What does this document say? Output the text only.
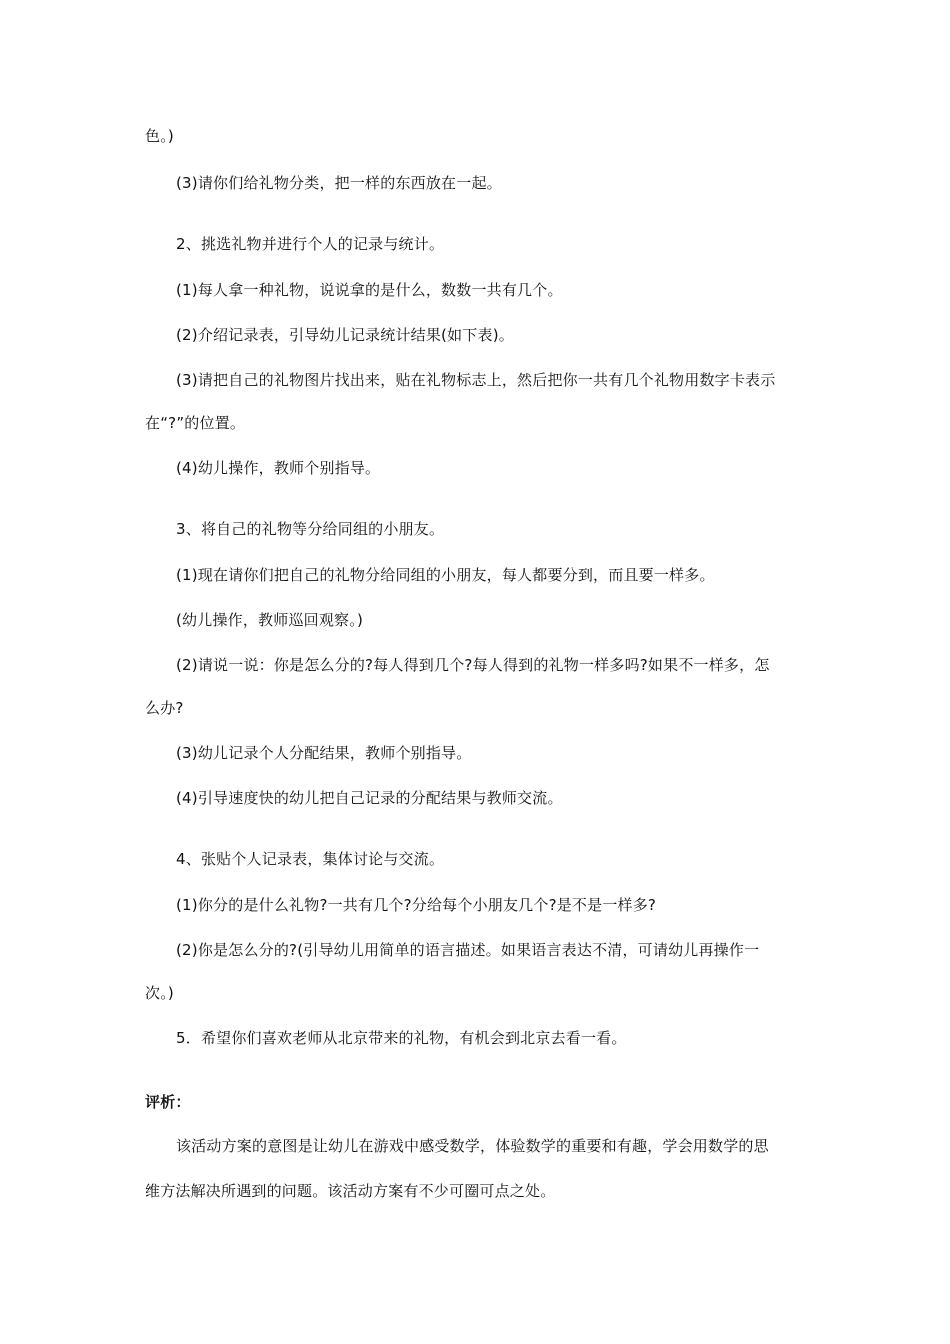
色。)
(3)请你们给礼物分类，把一样的东西放在一起。
2、挑选礼物并进行个人的记录与统计。
(1)每人拿一种礼物，说说拿的是什么，数数一共有几个。
(2)介绍记录表，引导幼儿记录统计结果(如下表)。
(3)请把自己的礼物图片找出来，贴在礼物标志上，然后把你一共有几个礼物用数字卡表示
在“?”的位置。
(4)幼儿操作，教师个别指导。
3、将自己的礼物等分给同组的小朋友。
(1)现在请你们把自己的礼物分给同组的小朋友，每人都要分到，而且要一样多。
(幼儿操作，教师巡回观察。)
(2)请说一说：你是怎么分的?每人得到几个?每人得到的礼物一样多吗?如果不一样多，怎
么办?
(3)幼儿记录个人分配结果，教师个别指导。
(4)引导速度快的幼儿把自己记录的分配结果与教师交流。
4、张贴个人记录表，集体讨论与交流。
(1)你分的是什么礼物?一共有几个?分给每个小朋友几个?是不是一样多?
(2)你是怎么分的?(引导幼儿用简单的语言描述。如果语言表达不清，可请幼儿再操作一
次。)
5．希望你们喜欢老师从北京带来的礼物，有机会到北京去看一看。
评析：
该活动方案的意图是让幼儿在游戏中感受数学，体验数学的重要和有趣，学会用数学的思
维方法解决所遇到的问题。该活动方案有不少可圈可点之处。
